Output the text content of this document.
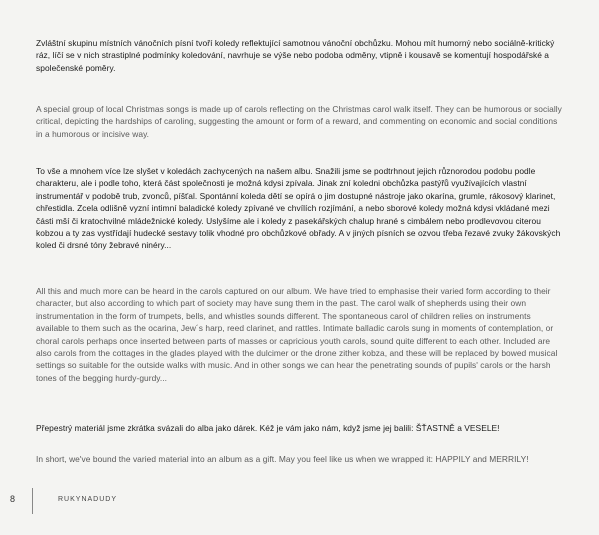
Zvláštní skupinu místních vánočních písní tvoří koledy reflektující samotnou vánoční obchůzku. Mohou mít humorný nebo sociálně-kritický ráz, líčí se v nich strastiplné podmínky koledování, navrhuje se výše nebo podoba odměny, vtipně i kousavě se komentují hospodářské a společenské poměry.

A special group of local Christmas songs is made up of carols reflecting on the Christmas carol walk itself. They can be humorous or socially critical, depicting the hardships of caroling, suggesting the amount or form of a reward, and commenting on economic and social conditions in a humorous or incisive way.

To vše a mnohem více lze slyšet v koledách zachycených na našem albu. Snažili jsme se podtrhnout jejich různorodou podobu podle charakteru, ale i podle toho, která část společnosti je možná kdysi zpívala. Jinak zní koledni obchůzka pastýřů využívajících vlastní instrumentář v podobě trub, zvonců, píšťal. Spontánní koleda dětí se opírá o jim dostupné nástroje jako okarína, grumle, rákosový klarinet, chřestidla. Zcela odlišně vyzní intimní baladické koledy zpívané ve chvílích rozjímání, a nebo sborové koledy možná kdysi vkládané mezi části mší či kratochvilné mládežnické koledy. Uslyšíme ale i koledy z pasekářských chalup hrané s cimbálem nebo prodlevovou citerou kobzou a ty zas vystřídají hudecké sestavy tolik vhodné pro obchůzkové obřady. A v jiných písních se ozvou třeba řezavé zvuky žákovských koled či drsné tóny žebravé ninéry...

All this and much more can be heard in the carols captured on our album. We have tried to emphasise their varied form according to their character, but also according to which part of society may have sung them in the past. The carol walk of shepherds using their own instrumentation in the form of trumpets, bells, and whistles sounds different. The spontaneous carol of children relies on instruments available to them such as the ocarina, Jew´s harp, reed clarinet, and rattles. Intimate balladic carols sung in moments of contemplation, or choral carols perhaps once inserted between parts of masses or capricious youth carols, sound quite different to each other. Included are also carols from the cottages in the glades played with the dulcimer or the drone zither kobza, and these will be replaced by bowed musical settings so suitable for the outside walks with music. And in other songs we can hear the penetrating sounds of pupils' carols or the harsh tones of the begging hurdy-gurdy...

Přepestrý materiál jsme zkrátka svázali do alba jako dárek. Kéž je vám jako nám, když jsme jej balili: ŠŤASTNĚ a VESELE!

In short, we've bound the varied material into an album as a gift. May you feel like us when we wrapped it: HAPPILY and MERRILY!

8	RUKYNADUDY
